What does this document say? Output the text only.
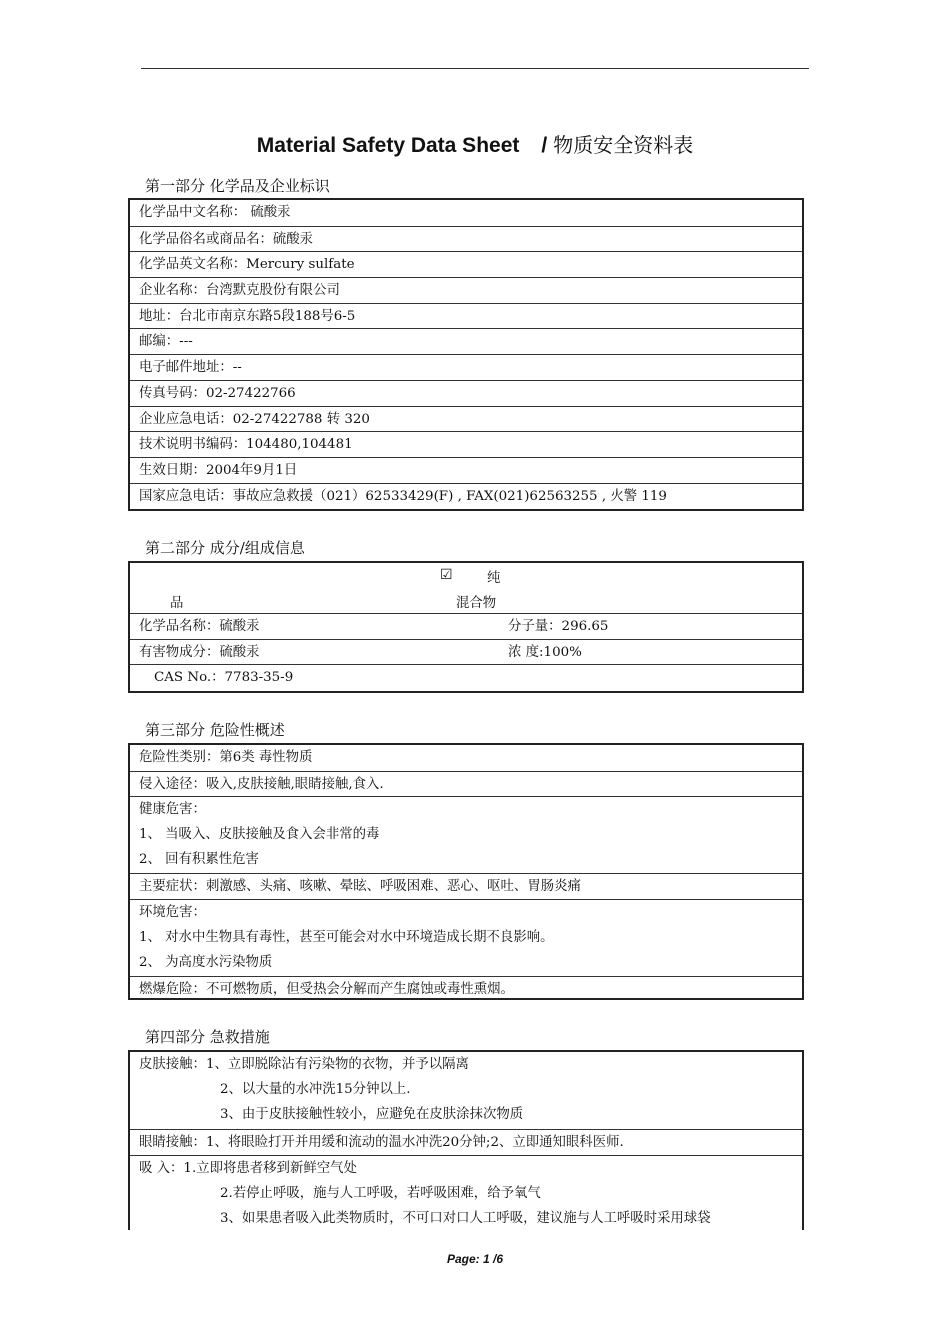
Material Safety Data Sheet / 物质安全资料表
第一部分 化学品及企业标识
化学品中文名称： 硫酸汞
化学品俗名或商品名：硫酸汞
化学品英文名称：Mercury sulfate
企业名称：台湾默克股份有限公司
地址：台北市南京东路5段188号6-5
邮编：---
电子邮件地址：--
传真号码：02-27422766
企业应急电话：02-27422788 转 320
技术说明书编码：104480,104481
生效日期：2004年9月1日
国家应急电话：事故应急救援（021）62533429(F) , FAX(021)62563255 , 火警 119
第二部分 成分/组成信息
☑	纯
品	混合物
化学品名称：硫酸汞	分子量：296.65
有害物成分：硫酸汞	浓 度:100%
CAS No.：7783-35-9
第三部分 危险性概述
危险性类别：第6类 毒性物质
侵入途径：吸入,皮肤接触,眼睛接触,食入.
健康危害：
1、 当吸入、皮肤接触及食入会非常的毒
2、 回有积累性危害
主要症状：刺激感、头痛、咳嗽、晕眩、呼吸困难、恶心、呕吐、胃肠炎痛
环境危害：
1、 对水中生物具有毒性，甚至可能会对水中环境造成长期不良影响。
2、 为高度水污染物质
燃爆危险：不可燃物质，但受热会分解而产生腐蚀或毒性熏烟。
第四部分 急救措施
皮肤接触：1、立即脱除沾有污染物的衣物，并予以隔离
2、以大量的水冲洗15分钟以上.
3、由于皮肤接触性较小，应避免在皮肤涂抹次物质
眼睛接触：1、将眼睑打开并用缓和流动的温水冲洗20分钟;2、立即通知眼科医师.
吸 入：1.立即将患者移到新鲜空气处
2.若停止呼吸，施与人工呼吸，若呼吸困难，给予氧气
3、如果患者吸入此类物质时，不可口对口人工呼吸，建议施与人工呼吸时采用球袋
Page: 1 /6
